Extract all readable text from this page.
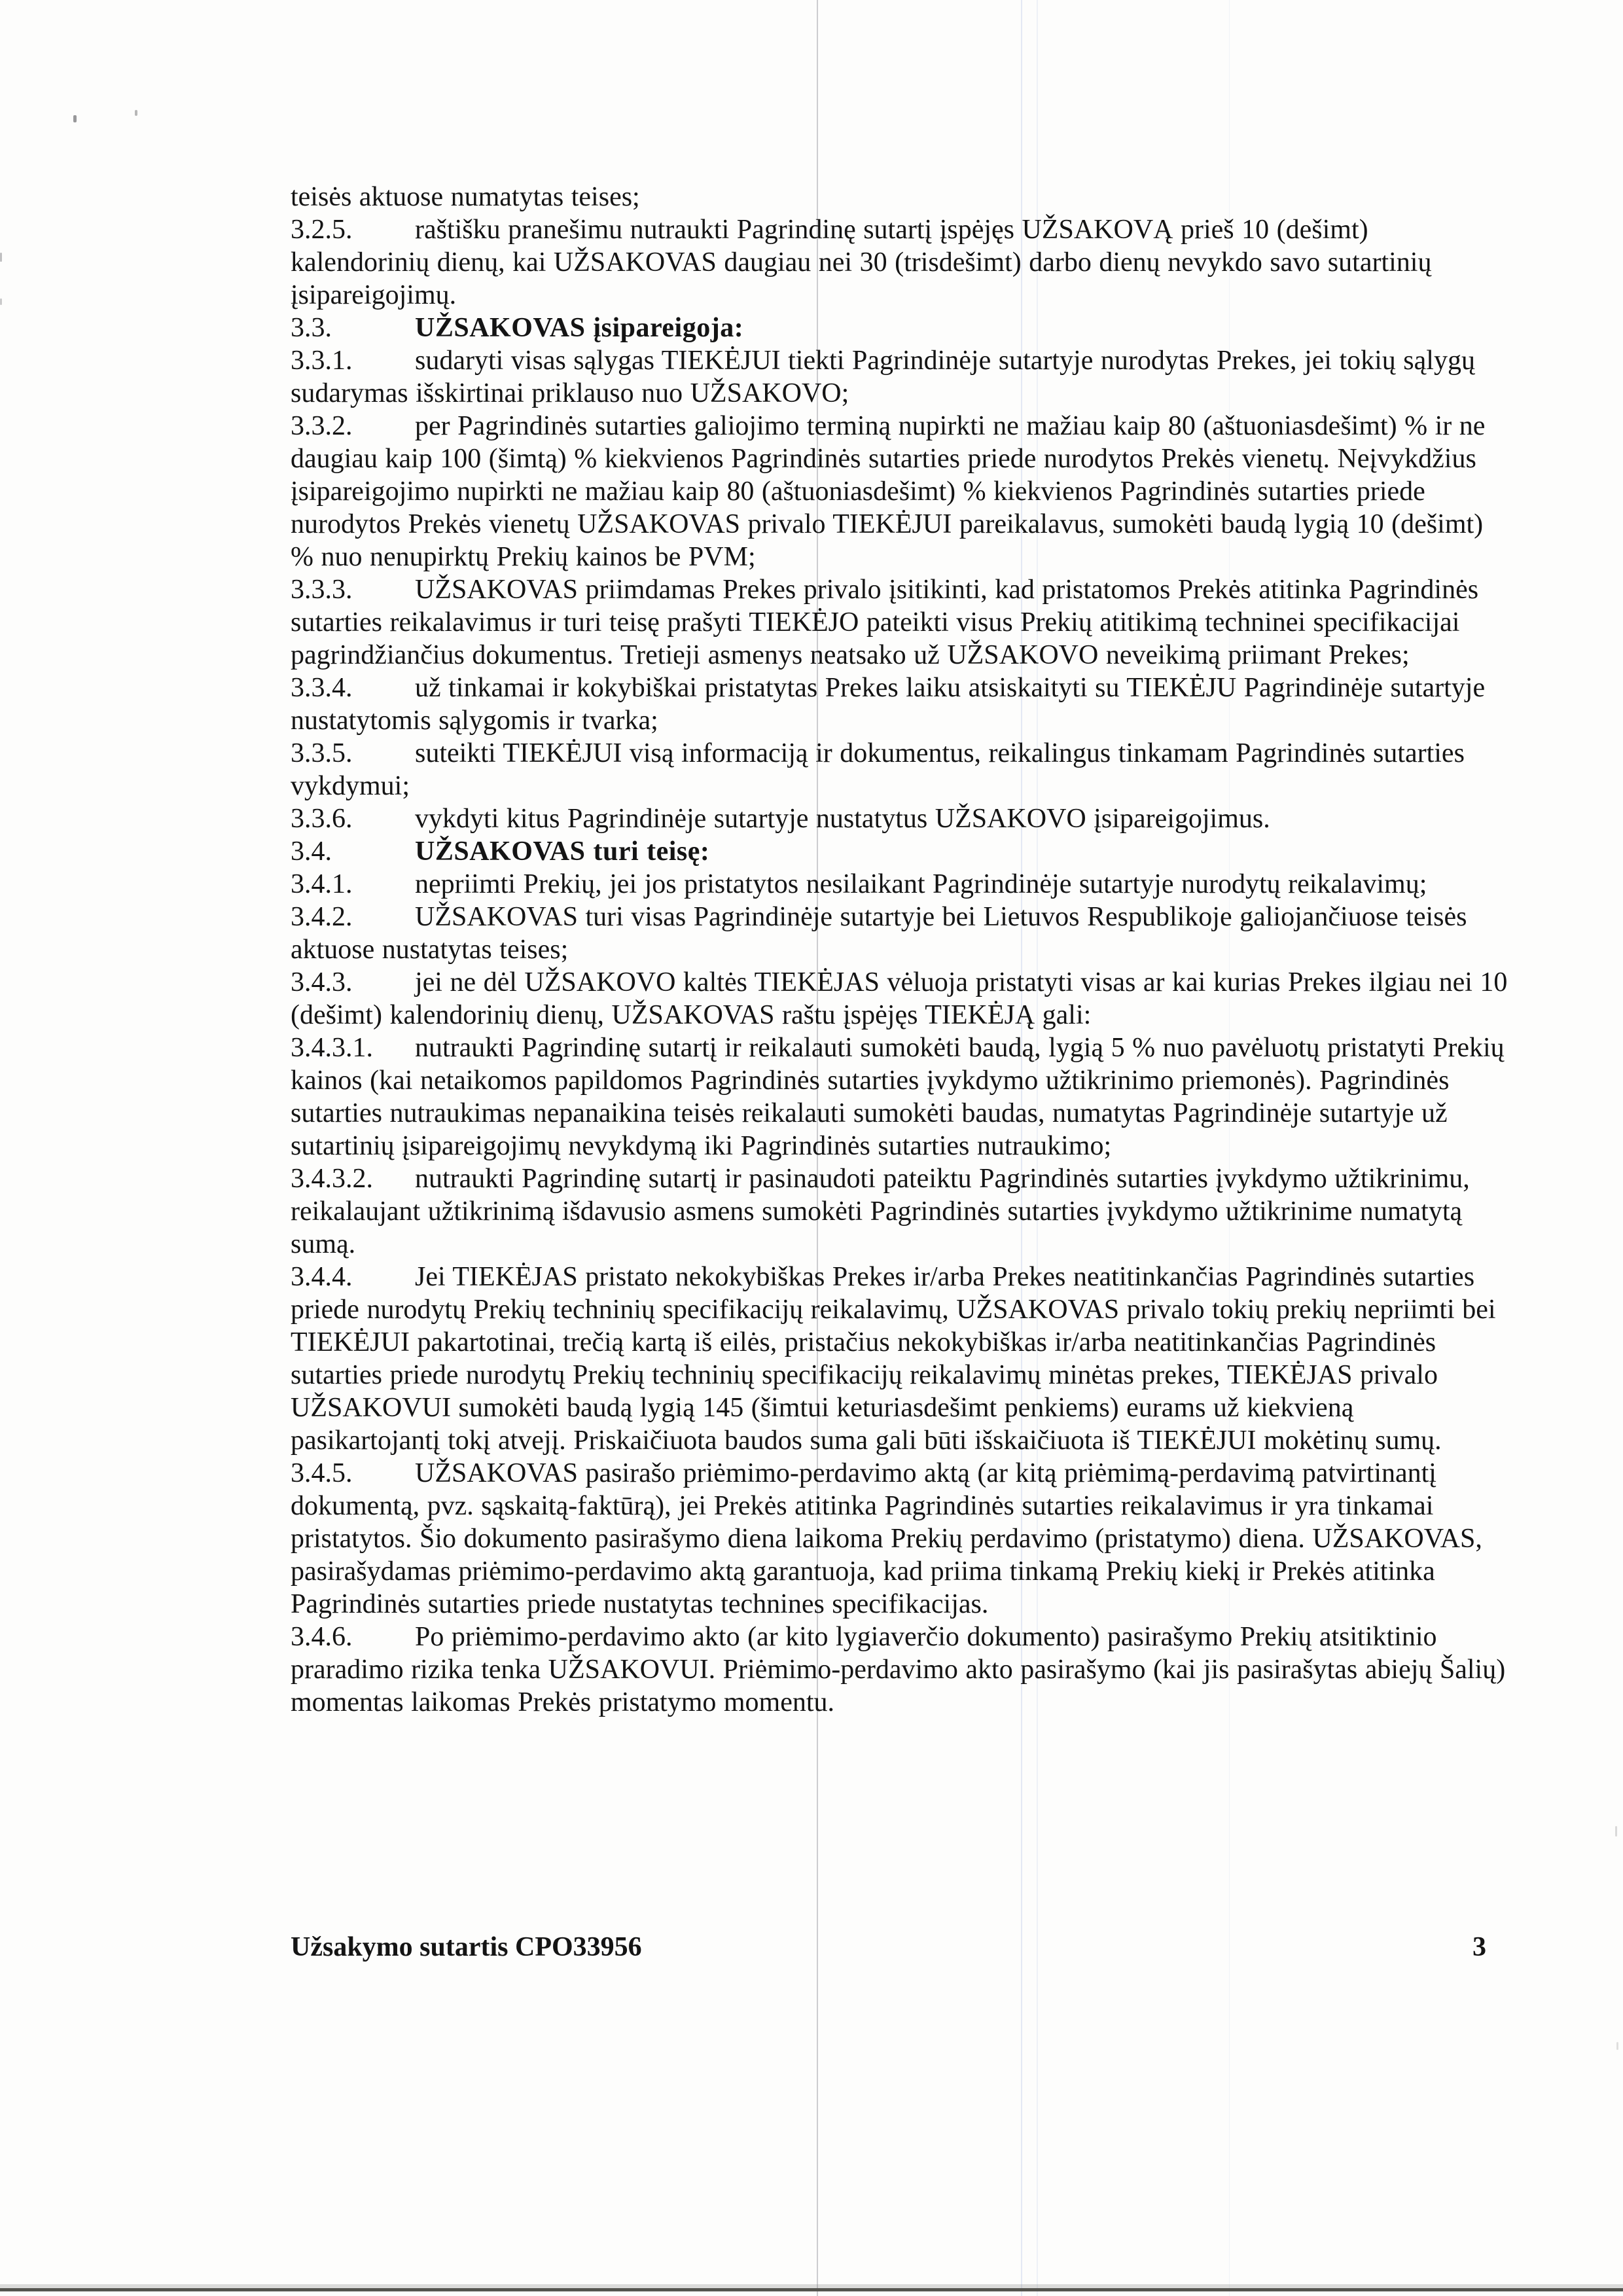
teisės aktuose numatytas teises;

3.2.5. raštišku pranešimu nutraukti Pagrindinę sutartį įspėjęs UŽSAKOVĄ prieš 10 (dešimt) kalendorinių dienų, kai UŽSAKOVAS daugiau nei 30 (trisdešimt) darbo dienų nevykdo savo sutartinių įsipareigojimų.

3.3.	UŽSAKOVAS įsipareigoja:

3.3.1. sudaryti visas sąlygas TIEKĖJUI tiekti Pagrindinėje sutartyje nurodytas Prekes, jei tokių sąlygų sudarymas išskirtinai priklauso nuo UŽSAKOVO;

3.3.2. per Pagrindinės sutarties galiojimo terminą nupirkti ne mažiau kaip 80 (aštuoniasdešimt) % ir ne daugiau kaip 100 (šimtą) % kiekvienos Pagrindinės sutarties priede nurodytos Prekės vienetų. Neįvykdžius įsipareigojimo nupirkti ne mažiau kaip 80 (aštuoniasdešimt) % kiekvienos Pagrindinės sutarties priede nurodytos Prekės vienetų UŽSAKOVAS privalo TIEKĖJUI pareikalavus, sumokėti baudą lygią 10 (dešimt) % nuo nenupirktų Prekių kainos be PVM;

3.3.3. UŽSAKOVAS priimdamas Prekes privalo įsitikinti, kad pristatomos Prekės atitinka Pagrindinės sutarties reikalavimus ir turi teisę prašyti TIEKĖJO pateikti visus Prekių atitikimą techninei specifikacijai pagrindžiančius dokumentus. Tretieji asmenys neatsako už UŽSAKOVO neveikimą priimant Prekes;

3.3.4. už tinkamai ir kokybiškai pristatytas Prekes laiku atsiskaityti su TIEKĖJU Pagrindinėje sutartyje nustatytomis sąlygomis ir tvarka;

3.3.5. suteikti TIEKĖJUI visą informaciją ir dokumentus, reikalingus tinkamam Pagrindinės sutarties vykdymui;

3.3.6. vykdyti kitus Pagrindinėje sutartyje nustatytus UŽSAKOVO įsipareigojimus.

3.4.	UŽSAKOVAS turi teisę:

3.4.1. nepriimti Prekių, jei jos pristatytos nesilaikant Pagrindinėje sutartyje nurodytų reikalavimų;

3.4.2. UŽSAKOVAS turi visas Pagrindinėje sutartyje bei Lietuvos Respublikoje galiojančiuose teisės aktuose nustatytas teises;

3.4.3. jei ne dėl UŽSAKOVO kaltės TIEKĖJAS vėluoja pristatyti visas ar kai kurias Prekes ilgiau nei 10 (dešimt) kalendorinių dienų, UŽSAKOVAS raštu įspėjęs TIEKĖJĄ gali:

3.4.3.1. nutraukti Pagrindinę sutartį ir reikalauti sumokėti baudą, lygią 5 % nuo pavėluotų pristatyti Prekių kainos (kai netaikomos papildomos Pagrindinės sutarties įvykdymo užtikrinimo priemonės). Pagrindinės sutarties nutraukimas nepanaikina teisės reikalauti sumokėti baudas, numatytas Pagrindinėje sutartyje už sutartinių įsipareigojimų nevykdymą iki Pagrindinės sutarties nutraukimo;

3.4.3.2. nutraukti Pagrindinę sutartį ir pasinaudoti pateiktu Pagrindinės sutarties įvykdymo užtikrinimu, reikalaujant užtikrinimą išdavusio asmens sumokėti Pagrindinės sutarties įvykdymo užtikrinime numatytą sumą.

3.4.4. Jei TIEKĖJAS pristato nekokybiškas Prekes ir/arba Prekes neatitinkančias Pagrindinės sutarties priede nurodytų Prekių techninių specifikacijų reikalavimų, UŽSAKOVAS privalo tokių prekių nepriimti bei TIEKĖJUI pakartotinai, trečią kartą iš eilės, pristačius nekokybiškas ir/arba neatitinkančias Pagrindinės sutarties priede nurodytų Prekių techninių specifikacijų reikalavimų minėtas prekes, TIEKĖJAS privalo UŽSAKOVUI sumokėti baudą lygią 145 (šimtui keturiasdešimt penkiems) eurams už kiekvieną pasikartojantį tokį atvejį. Priskaičiuota baudos suma gali būti išskaičiuota iš TIEKĖJUI mokėtinų sumų.

3.4.5. UŽSAKOVAS pasirašo priėmimo-perdavimo aktą (ar kitą priėmimą-perdavimą patvirtinantį dokumentą, pvz. sąskaitą-faktūrą), jei Prekės atitinka Pagrindinės sutarties reikalavimus ir yra tinkamai pristatytos. Šio dokumento pasirašymo diena laikoma Prekių perdavimo (pristatymo) diena. UŽSAKOVAS, pasirašydamas priėmimo-perdavimo aktą garantuoja, kad priima tinkamą Prekių kiekį ir Prekės atitinka Pagrindinės sutarties priede nustatytas technines specifikacijas.

3.4.6. Po priėmimo-perdavimo akto (ar kito lygiaverčio dokumento) pasirašymo Prekių atsitiktinio praradimo rizika tenka UŽSAKOVUI. Priėmimo-perdavimo akto pasirašymo (kai jis pasirašytas abiejų Šalių) momentas laikomas Prekės pristatymo momentu.

Užsakymo sutartis CPO33956	3
